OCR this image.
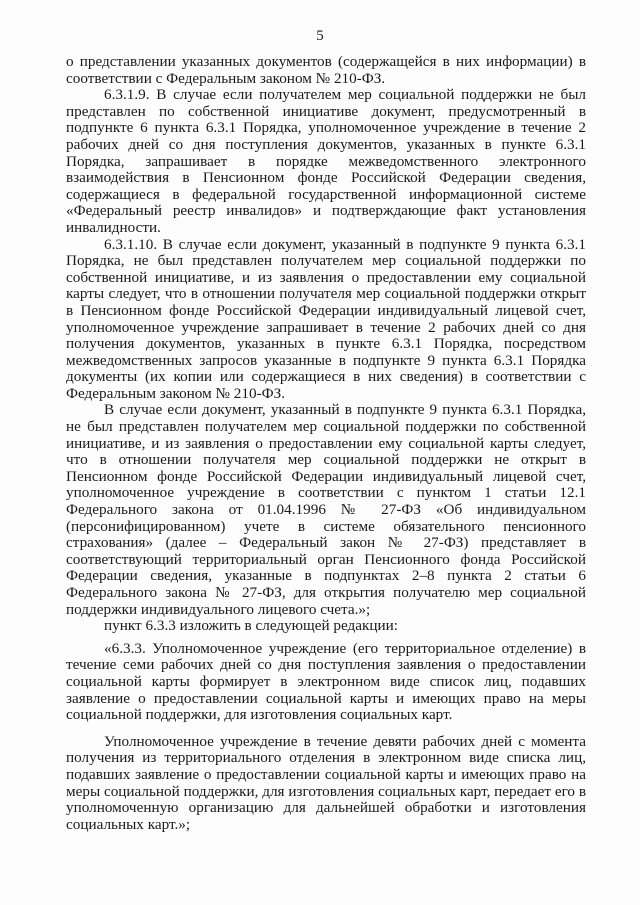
5

о представлении указанных документов (содержащейся в них информации) в соответствии с Федеральным законом № 210-ФЗ.

6.3.1.9. В случае если получателем мер социальной поддержки не был представлен по собственной инициативе документ, предусмотренный в подпункте 6 пункта 6.3.1 Порядка, уполномоченное учреждение в течение 2 рабочих дней со дня поступления документов, указанных в пункте 6.3.1 Порядка, запрашивает в порядке межведомственного электронного взаимодействия в Пенсионном фонде Российской Федерации сведения, содержащиеся в федеральной государственной информационной системе «Федеральный реестр инвалидов» и подтверждающие факт установления инвалидности.

6.3.1.10. В случае если документ, указанный в подпункте 9 пункта 6.3.1 Порядка, не был представлен получателем мер социальной поддержки по собственной инициативе, и из заявления о предоставлении ему социальной карты следует, что в отношении получателя мер социальной поддержки открыт в Пенсионном фонде Российской Федерации индивидуальный лицевой счет, уполномоченное учреждение запрашивает в течение 2 рабочих дней со дня получения документов, указанных в пункте 6.3.1 Порядка, посредством межведомственных запросов указанные в подпункте 9 пункта 6.3.1 Порядка документы (их копии или содержащиеся в них сведения) в соответствии с Федеральным законом № 210-ФЗ.

В случае если документ, указанный в подпункте 9 пункта 6.3.1 Порядка, не был представлен получателем мер социальной поддержки по собственной инициативе, и из заявления о предоставлении ему социальной карты следует, что в отношении получателя мер социальной поддержки не открыт в Пенсионном фонде Российской Федерации индивидуальный лицевой счет, уполномоченное учреждение в соответствии с пунктом 1 статьи 12.1 Федерального закона от 01.04.1996 № 27-ФЗ «Об индивидуальном (персонифицированном) учете в системе обязательного пенсионного страхования» (далее – Федеральный закон № 27-ФЗ) представляет в соответствующий территориальный орган Пенсионного фонда Российской Федерации сведения, указанные в подпунктах 2–8 пункта 2 статьи 6 Федерального закона № 27-ФЗ, для открытия получателю мер социальной поддержки индивидуального лицевого счета.»;

пункт 6.3.3 изложить в следующей редакции:

«6.3.3. Уполномоченное учреждение (его территориальное отделение) в течение семи рабочих дней со дня поступления заявления о предоставлении социальной карты формирует в электронном виде список лиц, подавших заявление о предоставлении социальной карты и имеющих право на меры социальной поддержки, для изготовления социальных карт.

Уполномоченное учреждение в течение девяти рабочих дней с момента получения из территориального отделения в электронном виде списка лиц, подавших заявление о предоставлении социальной карты и имеющих право на меры социальной поддержки, для изготовления социальных карт, передает его в уполномоченную организацию для дальнейшей обработки и изготовления социальных карт.»;
